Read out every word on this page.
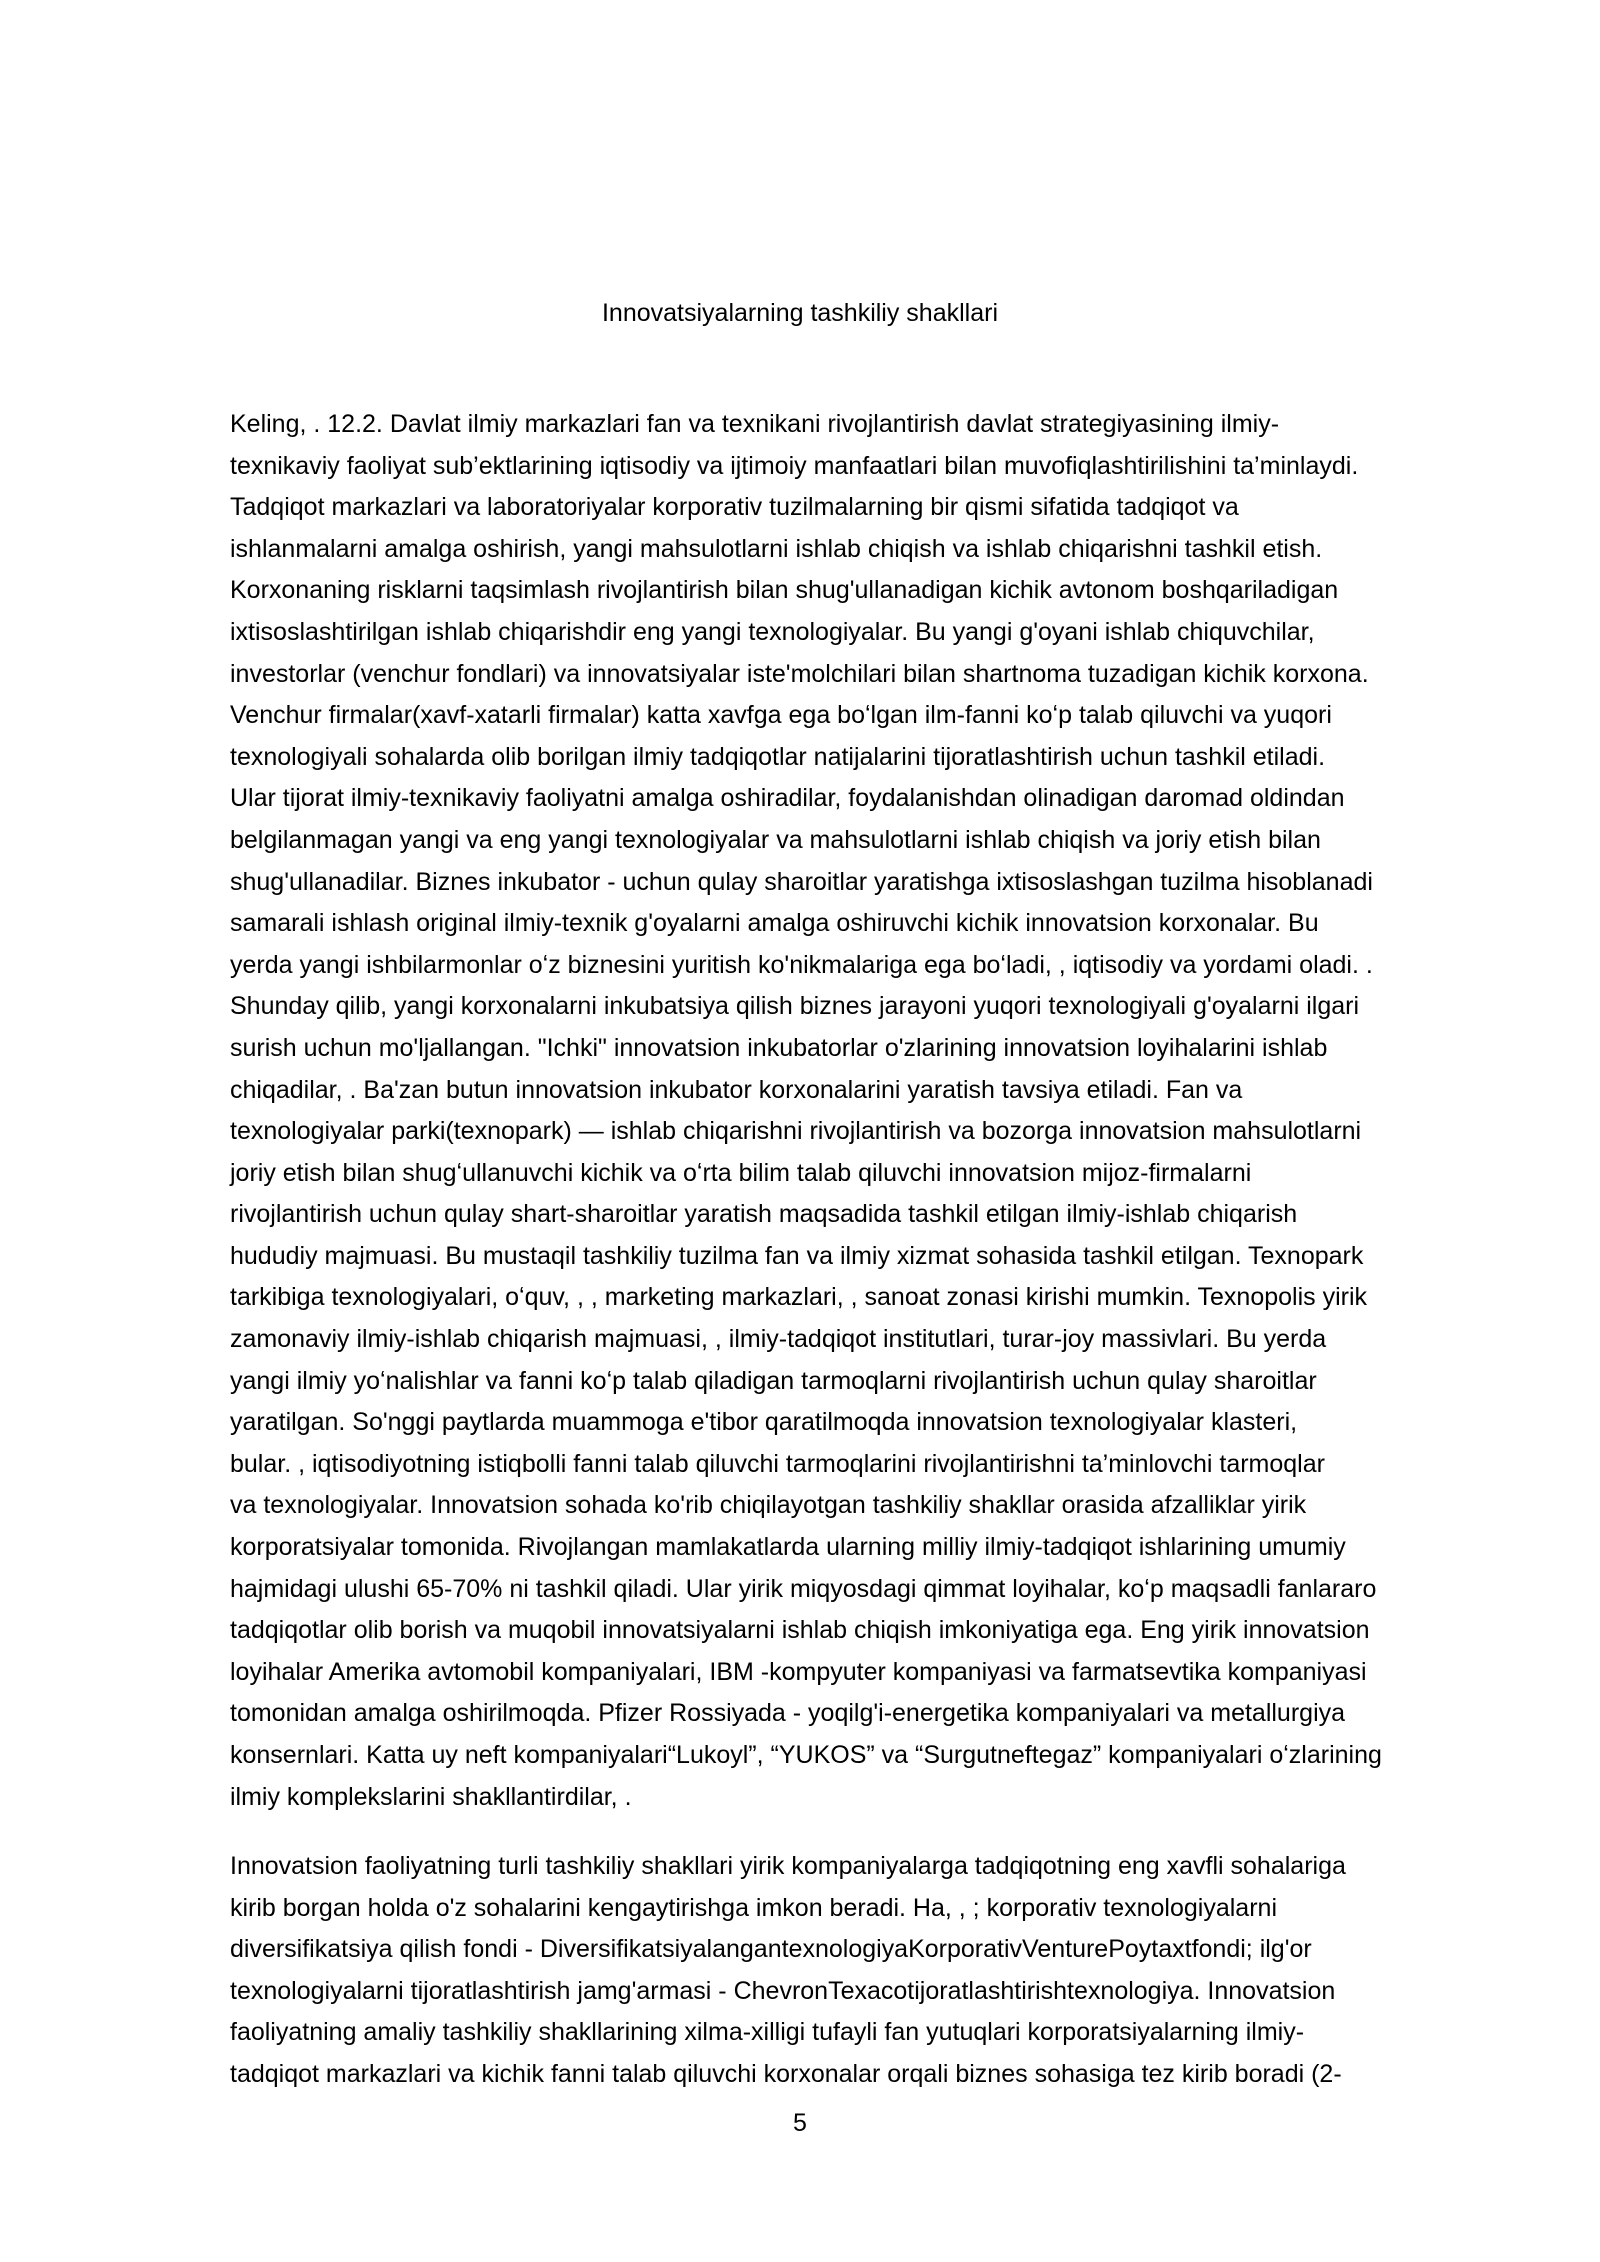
Innovatsiyalarning tashkiliy shakllari
Keling, . 12.2. Davlat ilmiy markazlari fan va texnikani rivojlantirish davlat strategiyasining ilmiy-
texnikaviy faoliyat sub’ektlarining iqtisodiy va ijtimoiy manfaatlari bilan muvofiqlashtirilishini ta’minlaydi.
Tadqiqot markazlari va laboratoriyalar korporativ tuzilmalarning bir qismi sifatida tadqiqot va
ishlanmalarni amalga oshirish, yangi mahsulotlarni ishlab chiqish va ishlab chiqarishni tashkil etish.
Korxonaning risklarni taqsimlash rivojlantirish bilan shug'ullanadigan kichik avtonom boshqariladigan
ixtisoslashtirilgan ishlab chiqarishdir eng yangi texnologiyalar. Bu yangi g'oyani ishlab chiquvchilar,
investorlar (venchur fondlari) va innovatsiyalar iste'molchilari bilan shartnoma tuzadigan kichik korxona.
Venchur firmalar(xavf-xatarli firmalar) katta xavfga ega boʻlgan ilm-fanni koʻp talab qiluvchi va yuqori
texnologiyali sohalarda olib borilgan ilmiy tadqiqotlar natijalarini tijoratlashtirish uchun tashkil etiladi.
Ular tijorat ilmiy-texnikaviy faoliyatni amalga oshiradilar, foydalanishdan olinadigan daromad oldindan
belgilanmagan yangi va eng yangi texnologiyalar va mahsulotlarni ishlab chiqish va joriy etish bilan
shug'ullanadilar. Biznes inkubator - uchun qulay sharoitlar yaratishga ixtisoslashgan tuzilma hisoblanadi
samarali ishlash original ilmiy-texnik g'oyalarni amalga oshiruvchi kichik innovatsion korxonalar. Bu
yerda yangi ishbilarmonlar oʻz biznesini yuritish ko'nikmalariga ega boʻladi, , iqtisodiy va yordami oladi. .
Shunday qilib, yangi korxonalarni inkubatsiya qilish biznes jarayoni yuqori texnologiyali g'oyalarni ilgari
surish uchun mo'ljallangan. "Ichki" innovatsion inkubatorlar o'zlarining innovatsion loyihalarini ishlab
chiqadilar, . Ba'zan butun innovatsion inkubator korxonalarini yaratish tavsiya etiladi. Fan va
texnologiyalar parki(texnopark) — ishlab chiqarishni rivojlantirish va bozorga innovatsion mahsulotlarni
joriy etish bilan shugʻullanuvchi kichik va oʻrta bilim talab qiluvchi innovatsion mijoz-firmalarni
rivojlantirish uchun qulay shart-sharoitlar yaratish maqsadida tashkil etilgan ilmiy-ishlab chiqarish
hududiy majmuasi. Bu mustaqil tashkiliy tuzilma fan va ilmiy xizmat sohasida tashkil etilgan. Texnopark
tarkibiga texnologiyalari, oʻquv, , , marketing markazlari, , sanoat zonasi kirishi mumkin. Texnopolis yirik
zamonaviy ilmiy-ishlab chiqarish majmuasi, , ilmiy-tadqiqot institutlari, turar-joy massivlari. Bu yerda
yangi ilmiy yoʻnalishlar va fanni koʻp talab qiladigan tarmoqlarni rivojlantirish uchun qulay sharoitlar
yaratilgan. So'nggi paytlarda muammoga e'tibor qaratilmoqda innovatsion texnologiyalar klasteri,
bular. , iqtisodiyotning istiqbolli fanni talab qiluvchi tarmoqlarini rivojlantirishni ta’minlovchi tarmoqlar
va texnologiyalar. Innovatsion sohada ko'rib chiqilayotgan tashkiliy shakllar orasida afzalliklar yirik
korporatsiyalar tomonida. Rivojlangan mamlakatlarda ularning milliy ilmiy-tadqiqot ishlarining umumiy
hajmidagi ulushi 65-70% ni tashkil qiladi. Ular yirik miqyosdagi qimmat loyihalar, koʻp maqsadli fanlararo
tadqiqotlar olib borish va muqobil innovatsiyalarni ishlab chiqish imkoniyatiga ega. Eng yirik innovatsion
loyihalar Amerika avtomobil kompaniyalari, IBM -kompyuter kompaniyasi va farmatsevtika kompaniyasi
tomonidan amalga oshirilmoqda. Pfizer Rossiyada - yoqilg'i-energetika kompaniyalari va metallurgiya
konsernlari. Katta uy neft kompaniyalari“Lukoyl”, “YUKOS” va “Surgutneftegaz” kompaniyalari oʻzlarining
ilmiy komplekslarini shakllantirdilar, .
Innovatsion faoliyatning turli tashkiliy shakllari yirik kompaniyalarga tadqiqotning eng xavfli sohalariga
kirib borgan holda o'z sohalarini kengaytirishga imkon beradi. Ha, , ; korporativ texnologiyalarni
diversifikatsiya qilish fondi - DiversifikatsiyalangantexnologiyaKorporativVenturePoytaxtfondi; ilg'or
texnologiyalarni tijoratlashtirish jamg'armasi - ChevronTexacotijoratlashtirishtexnologiya. Innovatsion
faoliyatning amaliy tashkiliy shakllarining xilma-xilligi tufayli fan yutuqlari korporatsiyalarning ilmiy-
tadqiqot markazlari va kichik fanni talab qiluvchi korxonalar orqali biznes sohasiga tez kirib boradi (2-
5
